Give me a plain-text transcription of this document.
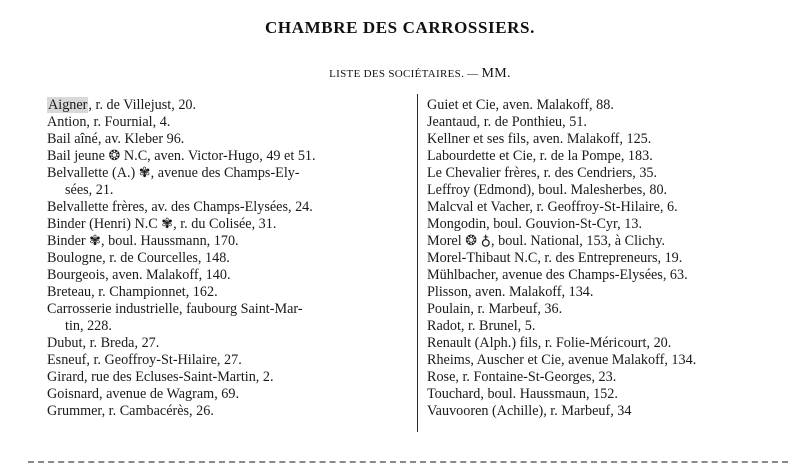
CHAMBRE DES CARROSSIERS.
LISTE DES SOCIÉTAIRES. — MM.
Aigner, r. de Villejust, 20.
Antion, r. Fournial, 4.
Bail aîné, av. Kleber 96.
Bail jeune ❂ N.C, aven. Victor-Hugo, 49 et 51.
Belvallette (A.) ✾, avenue des Champs-Ely-
sées, 21.
Belvallette frères, av. des Champs-Elysées, 24.
Binder (Henri) N.C ✾, r. du Colisée, 31.
Binder ✾, boul. Haussmann, 170.
Boulogne, r. de Courcelles, 148.
Bourgeois, aven. Malakoff, 140.
Breteau, r. Championnet, 162.
Carrosserie industrielle, faubourg Saint-Mar-
tin, 228.
Dubut, r. Breda, 27.
Esneuf, r. Geoffroy-St-Hilaire, 27.
Girard, rue des Ecluses-Saint-Martin, 2.
Goisnard, avenue de Wagram, 69.
Grummer, r. Cambacérès, 26.
Guiet et Cie, aven. Malakoff, 88.
Jeantaud, r. de Ponthieu, 51.
Kellner et ses fils, aven. Malakoff, 125.
Labourdette et Cie, r. de la Pompe, 183.
Le Chevalier frères, r. des Cendriers, 35.
Leffroy (Edmond), boul. Malesherbes, 80.
Malcval et Vacher, r. Geoffroy-St-Hilaire, 6.
Mongodin, boul. Gouvion-St-Cyr, 13.
Morel ❂ ♁, boul. National, 153, à Clichy.
Morel-Thibaut N.C, r. des Entrepreneurs, 19.
Mühlbacher, avenue des Champs-Elysées, 63.
Plisson, aven. Malakoff, 134.
Poulain, r. Marbeuf, 36.
Radot, r. Brunel, 5.
Renault (Alph.) fils, r. Folie-Méricourt, 20.
Rheims, Auscher et Cie, avenue Malakoff, 134.
Rose, r. Fontaine-St-Georges, 23.
Touchard, boul. Haussmaun, 152.
Vauvooren (Achille), r. Marbeuf, 34
